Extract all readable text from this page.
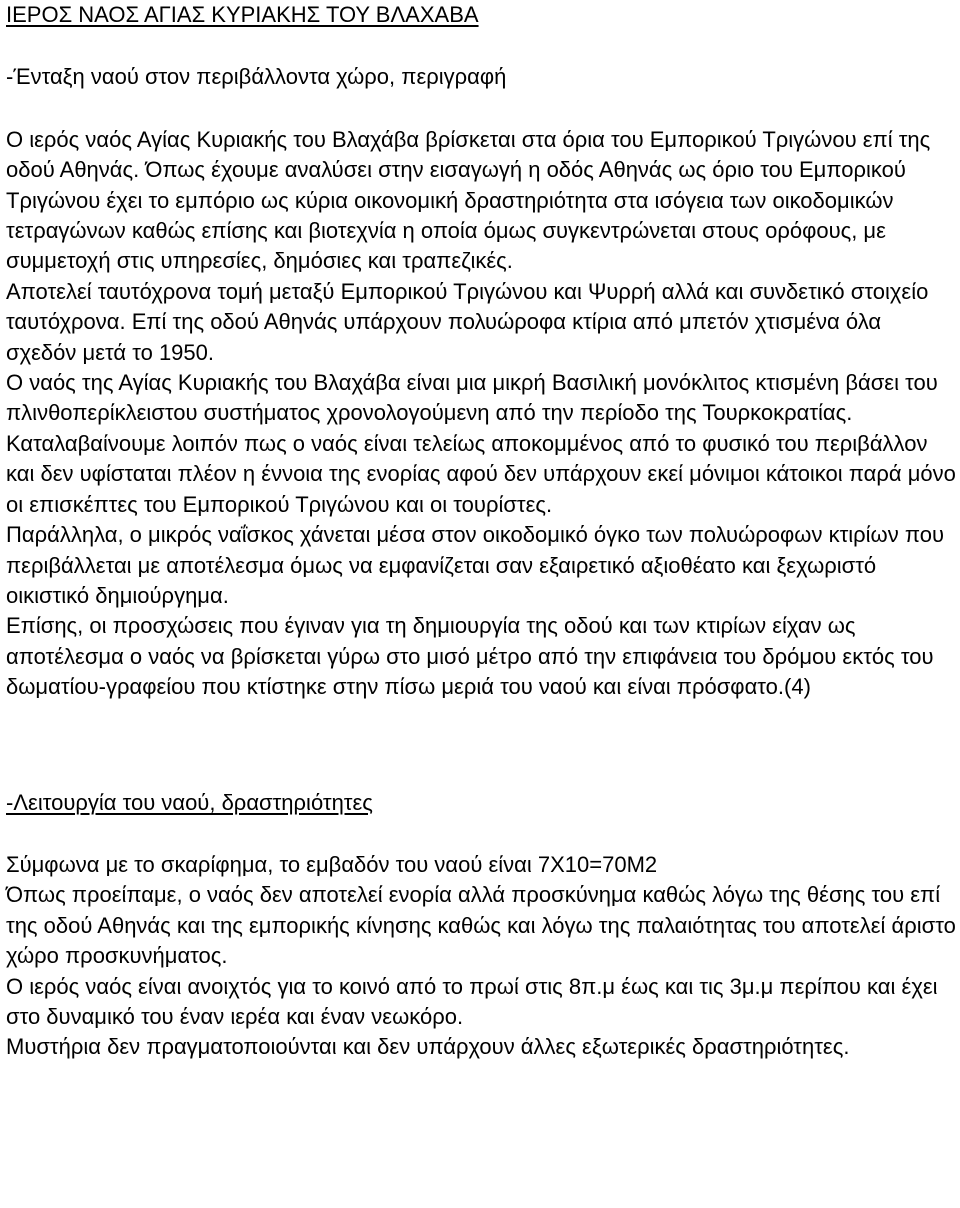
ΙΕΡΟΣ ΝΑΟΣ ΑΓΙΑΣ ΚΥΡΙΑΚΗΣ ΤΟΥ ΒΛΑΧΑΒΑ
-Ένταξη ναού στον περιβάλλοντα χώρο, περιγραφή

Ο ιερός ναός Αγίας Κυριακής του Βλαχάβα βρίσκεται στα όρια του Εμπορικού Τριγώνου επί της οδού Αθηνάς. Όπως έχουμε αναλύσει στην εισαγωγή η οδός Αθηνάς ως όριο του Εμπορικού Τριγώνου έχει το εμπόριο ως κύρια οικονομική δραστηριότητα στα ισόγεια των οικοδομικών τετραγώνων καθώς επίσης και βιοτεχνία η οποία όμως συγκεντρώνεται στους ορόφους, με συμμετοχή στις υπηρεσίες, δημόσιες και τραπεζικές.

Αποτελεί ταυτόχρονα τομή μεταξύ Εμπορικού Τριγώνου και Ψυρρή αλλά και συνδετικό στοιχείο ταυτόχρονα. Επί της οδού Αθηνάς υπάρχουν πολυώροφα κτίρια από μπετόν χτισμένα όλα σχεδόν μετά το 1950.

Ο ναός της Αγίας Κυριακής του Βλαχάβα είναι μια μικρή Βασιλική μονόκλιτος κτισμένη βάσει του πλινθοπερίκλειστου συστήματος χρονολογούμενη από την περίοδο της Τουρκοκρατίας. Καταλαβαίνουμε λοιπόν πως ο ναός είναι τελείως αποκομμένος από το φυσικό του περιβάλλον και δεν υφίσταται πλέον η έννοια της ενορίας αφού δεν υπάρχουν εκεί μόνιμοι κάτοικοι παρά μόνο οι επισκέπτες του Εμπορικού Τριγώνου και οι τουρίστες.

Παράλληλα, ο μικρός ναΐσκος χάνεται μέσα στον οικοδομικό όγκο των πολυώροφων κτιρίων που περιβάλλεται με αποτέλεσμα όμως να εμφανίζεται σαν εξαιρετικό αξιοθέατο και ξεχωριστό οικιστικό δημιούργημα.

Επίσης, οι προσχώσεις που έγιναν για τη δημιουργία της οδού και των κτιρίων είχαν ως αποτέλεσμα ο ναός να βρίσκεται γύρω στο μισό μέτρο από την επιφάνεια του δρόμου εκτός του δωματίου-γραφείου που κτίστηκε στην πίσω μεριά του ναού και είναι πρόσφατο.(4)

-Λειτουργία του ναού, δραστηριότητες

Σύμφωνα με το σκαρίφημα, το εμβαδόν του ναού είναι 7Χ10=70Μ2

Όπως προείπαμε, ο ναός δεν αποτελεί ενορία αλλά προσκύνημα καθώς λόγω της θέσης του επί της οδού Αθηνάς και της εμπορικής κίνησης καθώς και λόγω της παλαιότητας του αποτελεί άριστο χώρο προσκυνήματος.

Ο ιερός ναός είναι ανοιχτός για το κοινό από το πρωί στις 8π.μ έως και τις 3μ.μ περίπου και έχει στο δυναμικό του έναν ιερέα και έναν νεωκόρο.

Μυστήρια δεν πραγματοποιούνται και δεν υπάρχουν άλλες εξωτερικές δραστηριότητες.
